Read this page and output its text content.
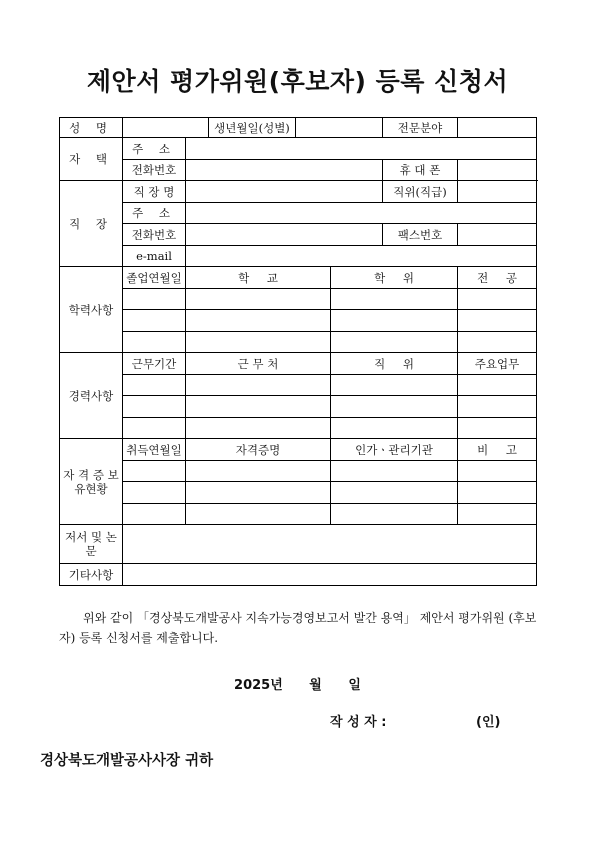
제안서 평가위원(후보자) 등록 신청서
성 명			생년월일(성별)			전문분야	
자 택	주 소						
	전화번호					휴 대 폰	
직 장	직 장 명					직위(직급)	
	주 소						
	전화번호					팩스번호	
	e-mail						
학력사항	졸업연월일	학 교			학 위		전 공

경력사항	근무기간	근 무 처			직 위		주요업무

자 격 증 보유현황	취득연월일	자격증명			인가ㆍ관리기관		비 고

저서 및 논문							
기타사항							
위와 같이 「경상북도개발공사 지속가능경영보고서 발간 용역」 제안서 평가위원 (후보자) 등록 신청서를 제출합니다.
2025년 월 일
작 성 자 :	(인)
경상북도개발공사사장 귀하
